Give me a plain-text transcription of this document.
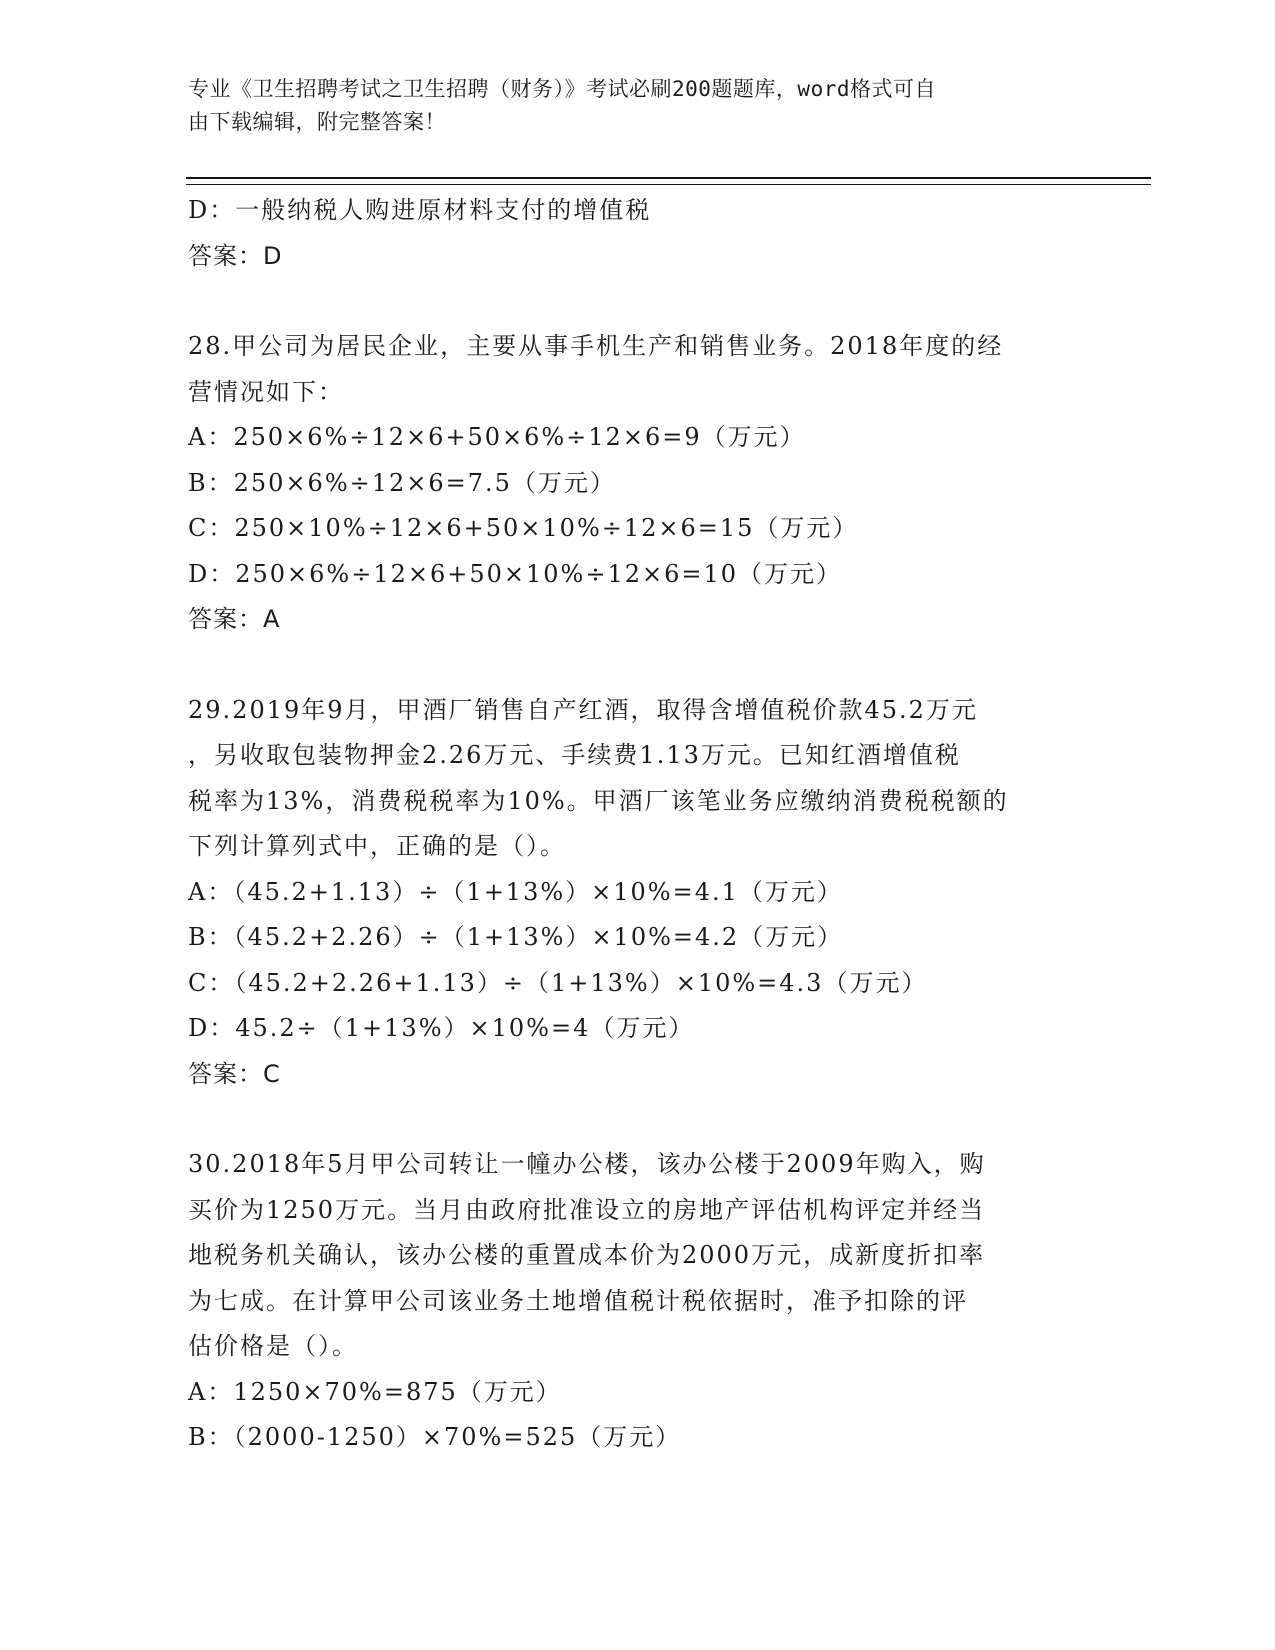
专业《卫生招聘考试之卫生招聘（财务）》考试必刷200题题库，word格式可自
由下载编辑，附完整答案！
D：一般纳税人购进原材料支付的增值税
答案：D
28.甲公司为居民企业，主要从事手机生产和销售业务。2018年度的经
营情况如下：
A：250×6%÷12×6+50×6%÷12×6=9（万元）
B：250×6%÷12×6=7.5（万元）
C：250×10%÷12×6+50×10%÷12×6=15（万元）
D：250×6%÷12×6+50×10%÷12×6=10（万元）
答案：A
29.2019年9月，甲酒厂销售自产红酒，取得含增值税价款45.2万元
，另收取包装物押金2.26万元、手续费1.13万元。已知红酒增值税
税率为13%，消费税税率为10%。甲酒厂该笔业务应缴纳消费税税额的
下列计算列式中，正确的是（）。
A：（45.2+1.13）÷（1+13%）×10%=4.1（万元）
B：（45.2+2.26）÷（1+13%）×10%=4.2（万元）
C：（45.2+2.26+1.13）÷（1+13%）×10%=4.3（万元）
D：45.2÷（1+13%）×10%=4（万元）
答案：C
30.2018年5月甲公司转让一幢办公楼，该办公楼于2009年购入，购
买价为1250万元。当月由政府批准设立的房地产评估机构评定并经当
地税务机关确认，该办公楼的重置成本价为2000万元，成新度折扣率
为七成。在计算甲公司该业务土地增值税计税依据时，准予扣除的评
估价格是（）。
A：1250×70%=875（万元）
B：（2000-1250）×70%=525（万元）
